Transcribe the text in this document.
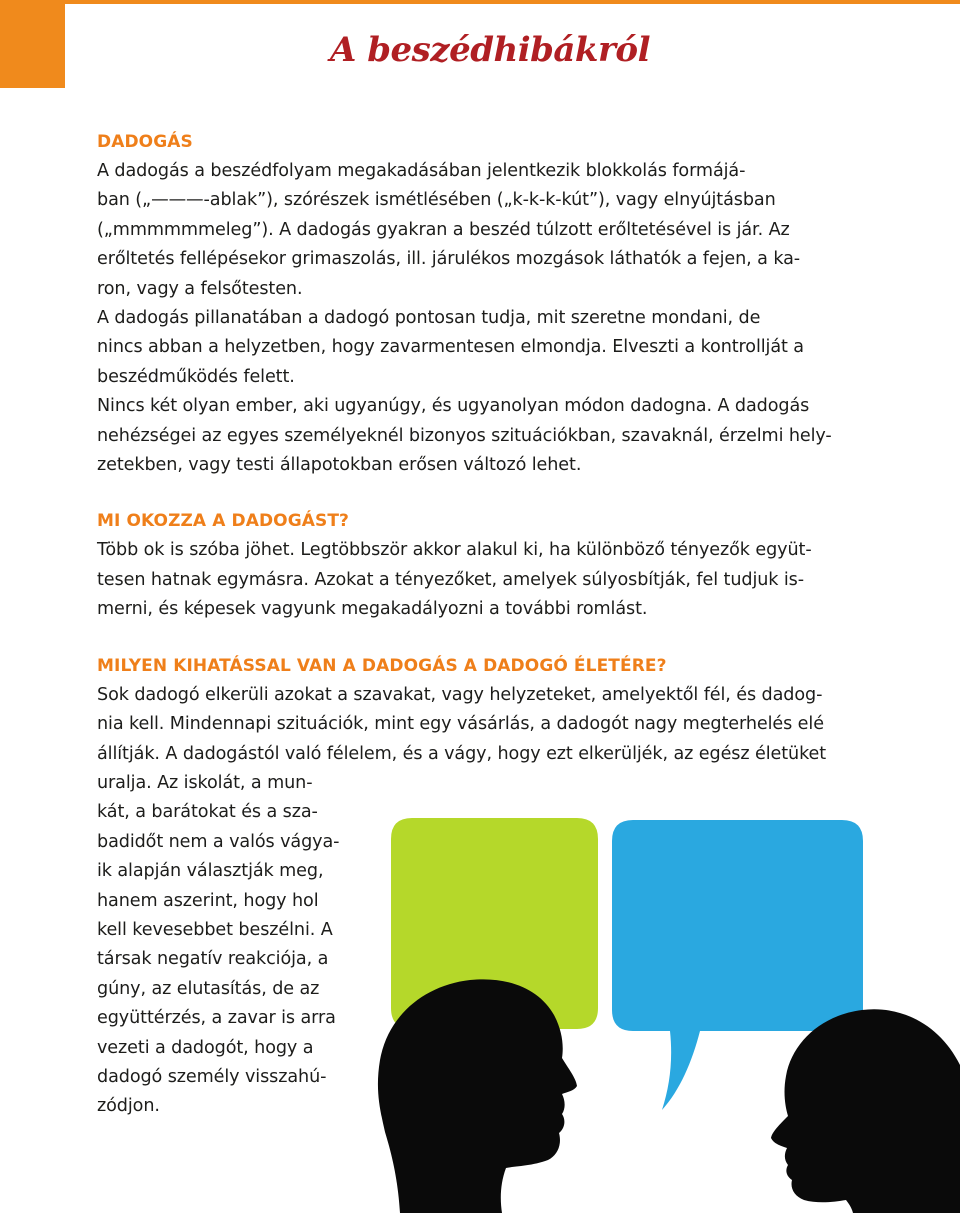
A beszédhibákról
DADOGÁS

A dadogás a beszédfolyam megakadásában jelentkezik blokkolás formájá-

ban („———-ablak”), szórészek ismétlésében („k-k-k-kút”), vagy elnyújtásban

(„mmmmmmeleg”). A dadogás gyakran a beszéd túlzott erőltetésével is jár. Az

erőltetés fellépésekor grimaszolás, ill. járulékos mozgások láthatók a fejen, a ka-

ron, vagy a felsőtesten.

A dadogás pillanatában a dadogó pontosan tudja, mit szeretne mondani, de

nincs abban a helyzetben, hogy zavarmentesen elmondja. Elveszti a kontrollját a

beszédműködés felett.

Nincs két olyan ember, aki ugyanúgy, és ugyanolyan módon dadogna. A dadogás

nehézségei az egyes személyeknél bizonyos szituációkban, szavaknál, érzelmi hely-

zetekben, vagy testi állapotokban erősen változó lehet.

MI OKOZZA A DADOGÁST?

Több ok is szóba jöhet. Legtöbbször akkor alakul ki, ha különböző tényezők együt-

tesen hatnak egymásra. Azokat a tényezőket, amelyek súlyosbítják, fel tudjuk is-

merni, és képesek vagyunk megakadályozni a további romlást.

MILYEN KIHATÁSSAL VAN A DADOGÁS A DADOGÓ ÉLETÉRE?

Sok dadogó elkerüli azokat a szavakat, vagy helyzeteket, amelyektől fél, és dadog-

nia kell. Mindennapi szituációk, mint egy vásárlás, a dadogót nagy megterhelés elé

állítják. A dadogástól való félelem, és a vágy, hogy ezt elkerüljék, az egész életüket

uralja. Az iskolát, a mun-

kát, a barátokat és a sza-

badidőt nem a valós vágya-

ik alapján választják meg,

hanem aszerint, hogy hol

kell kevesebbet beszélni. A

társak negatív reakciója, a

gúny, az elutasítás, de az

együttérzés, a zavar is arra

vezeti a dadogót, hogy a

dadogó személy visszahú-

zódjon.
